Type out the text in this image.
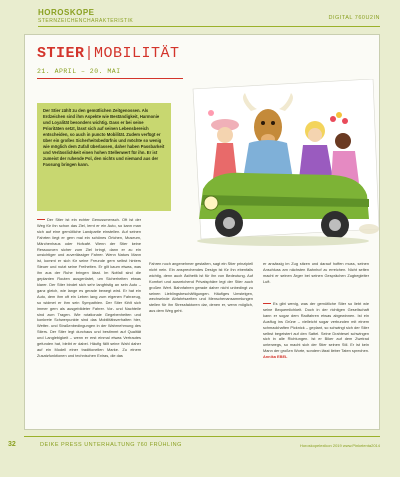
HOROSKOPE
STERNZEICHENCHARAKTERISTIK	DIGITAL 760U2IN
STIER|MOBILITÄT
21. APRIL – 20. MAI

Der Stier zählt zu den gemütlichen Zeitgenossen. Als Erdzeichen sind ihm Aspekte wie Beständigkeit, Harmonie und Loyalität besonders wichtig. Dass er bei seine Prioritäten setzt, lässt sich auf seinen Lebensbereich entscheiden, so auch in puncto Mobilität. Zudem verfügt er über ein großes Sicherheitsbedürfnis und möchte so wenig wie möglich dem Zufall überlassen, daher haben Passbarkeit und Verlässlichkeit einen hohen Stellenwert für ihn. Er ist zumeist der ruhende Pol, den nichts und niemand aus der Fassung bringen kann.

Der Stier ist ein echter Genussmensch. Oft ist der Weg für ihn schon das Ziel, lernt er ein Auto, so kann man sich auf eine gemütliche Landpartie einstellen. Auf seinen Fahrten liegt er gern mal ein schönes Örtchen, Museum, Märchenhaus oder Hofcafé. Wenn der Stier keine Ressourcen sicher zum Ziel bringt, dann er zu ein unsichtiger und zuverlässiger Fahrer. Wenn Naturs Mann ist, kommt er sich für seine Freunde gern selbst hinters Steuer und nutzt seine Freiheiten. Er gilt kaum etwas, was ihn aus der Ruhe bringen lässt. Im Notfall sind die geplanten Routen ausgerüstet, um Sicherheiten etwas klarer. Der Stier bindet sich sehr langfristig an sein Auto – ganz gleich, wie lange es gerade bewegt wird. Er hat ein Auto, dem ihm oft ein Leben lang zum eigenen Fahrzeug, so widmet er ihm sein Sympathien. Der Stier fühlt sich immer gern als ausgebildeter Fahrer. Vor- und Nachteile sind zum Tragen. Wie rotationale Gegebenheiten und konkrete Schwerpunkte sind das Mobilitätsverhalten hier, Wetter- und Straßenbedingungen in der Wahrnehmung des Stiers. Der Stier legt durchaus und bestimmt auf Qualität und Langlebigkeit – wenn er erst einmal etwas Vertrautes gefunden hat, bleibt er dabei. Häufig fällt seine Wahl daher auf ein Modell einer traditionellen Marke. Zu einem Zusatzfunktionen und technischen Extras, die das
Fahren noch angenehmer gestalten, sagt ein Stier prinzipiell nicht nein. Ein ansprechendes Design ist für ihn ebenfalls wichtig, denn auch Ästhetik ist für ihn von Bedeutung. Auf Komfort und ausreichend Privatsphäre legt der Stier auch großen Wert. Bahnfahren gerade daher nicht unbedingt zu seinen Lieblingsbeschäftigungen. Häufiges Umsteigen, wechselnde Abfahrtszeiten und Menschenansammlungen stellen für ihn Stressfaktoren dar, denen er, wenn möglich, aus dem Weg geht.
er ansässig im Zug sitzen und darauf hoffen muss, seinen Anschluss am nächsten Bahnhof zu erreichen. Nicht selten macht er seinen Ärger bei seinen Gesprächen Zugbegleiter Luft.
Es gibt wenig, was der gemütliche Stier so liebt wie seine Bequemlichkeit. Doch in der richtigen Gesellschaft kann er sogar dem Radfahren etwas abgewinnen. Ist ein Ausflug ins Grüne – vielleicht sogar verbunden mit einem schmackhaften Picknick – geplant, so schwingt sich der Stier selbst begeistert auf den Sattel. Seine Drahtesel schwingen sich in alle Richtungen. Ist er Biker auf dem Zweirad unterwegs, so macht sich der Stier seinen Stil. Er ist kein Mann der großen Worte, sondern lässt lieber Taten sprechen. Annika EBEL
32	DEIKE PRESS UNTERHALTUNG 760 FRÜHLING	Horoskopelexikon 2019 www.Pinkelenta2014
